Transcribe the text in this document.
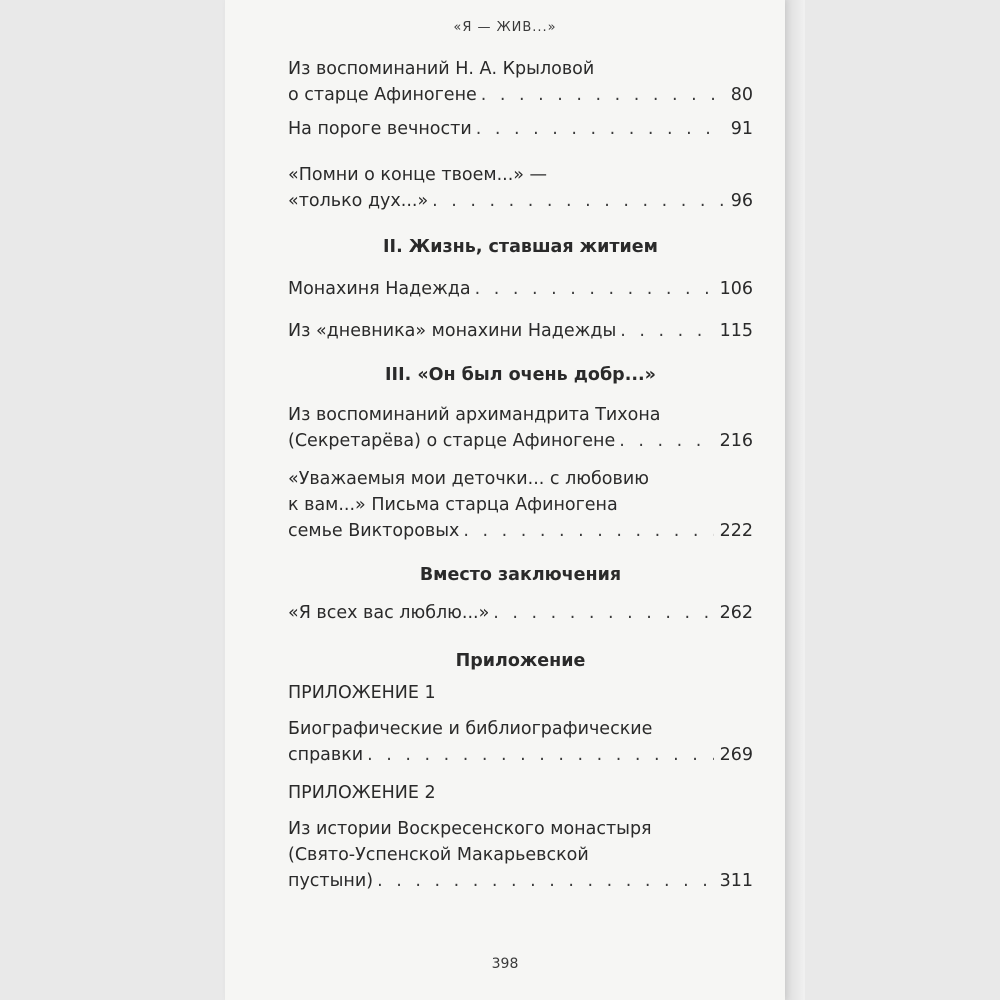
«Я — ЖИВ...»
Из воспоминаний Н. А. Крыловой
о старце Афиногене . . .	80
На пороге вечности . . .	91
«Помни о конце твоем...» —
«только дух...» . . .	96
II. Жизнь, ставшая житием
Монахиня Надежда . . .	106
Из «дневника» монахини Надежды . . .	115
III. «Он был очень добр...»
Из воспоминаний архимандрита Тихона
(Секретарёва) о старце Афиногене . . .	216
«Уважаемыя мои деточки... с любовию
к вам...» Письма старца Афиногена
семье Викторовых . . .	222
Вместо заключения
«Я всех вас люблю...» . . .	262
Приложение
ПРИЛОЖЕНИЕ 1
Биографические и библиографические
справки . . .	269
ПРИЛОЖЕНИЕ 2
Из истории Воскресенского монастыря
(Свято-Успенской Макарьевской
пустыни) . . .	311
398
